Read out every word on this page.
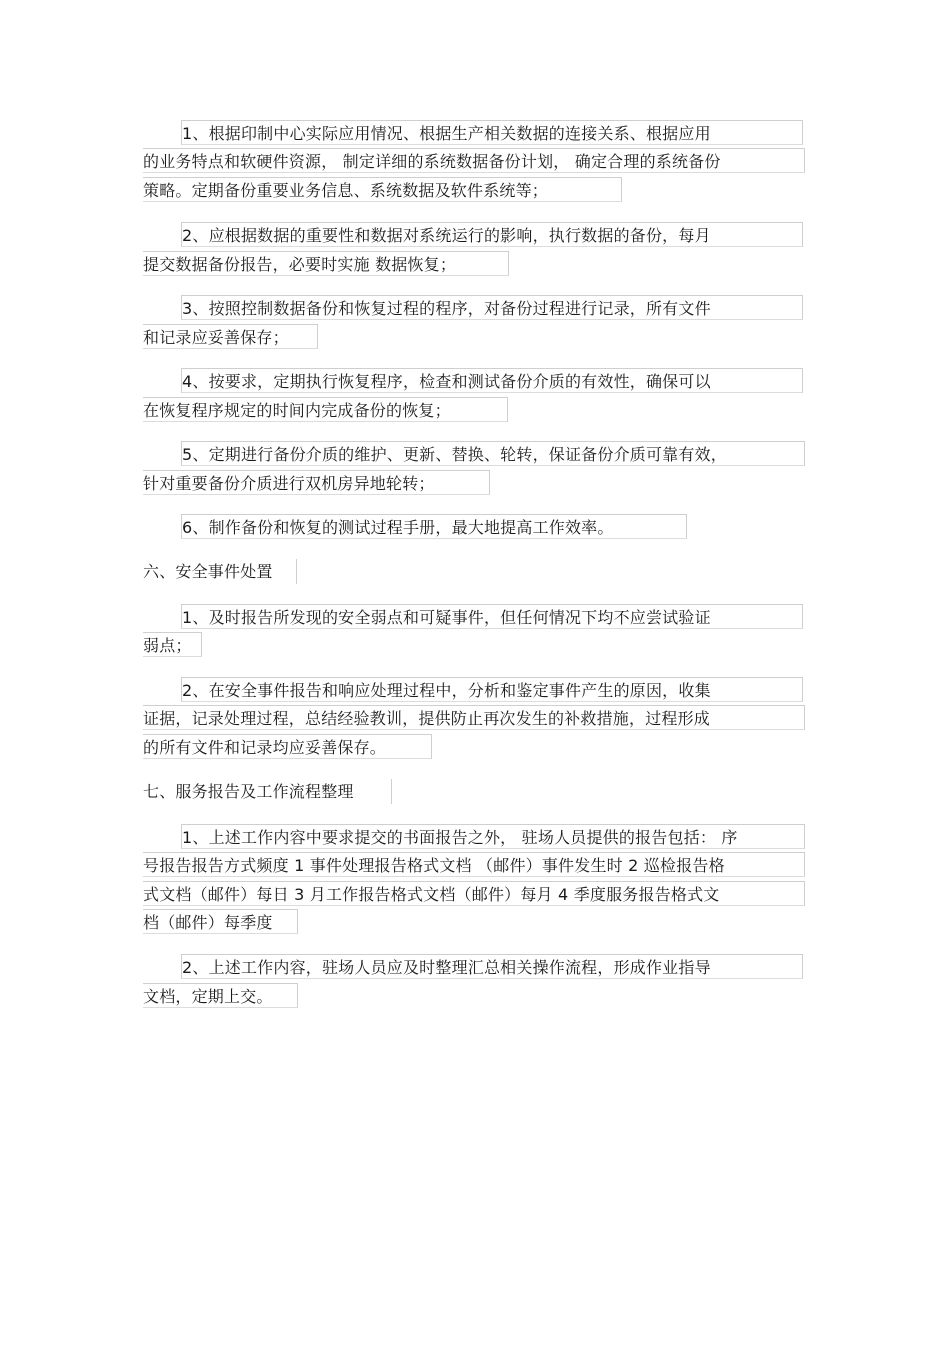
1、根据印制中心实际应用情况、根据生产相关数据的连接关系、根据应用
的业务特点和软硬件资源， 制定详细的系统数据备份计划， 确定合理的系统备份
策略。定期备份重要业务信息、系统数据及软件系统等；
2、应根据数据的重要性和数据对系统运行的影响，执行数据的备份，每月
提交数据备份报告，必要时实施 数据恢复；
3、按照控制数据备份和恢复过程的程序，对备份过程进行记录，所有文件
和记录应妥善保存；
4、按要求，定期执行恢复程序，检查和测试备份介质的有效性，确保可以
在恢复程序规定的时间内完成备份的恢复；
5、定期进行备份介质的维护、更新、替换、轮转，保证备份介质可靠有效，
针对重要备份介质进行双机房异地轮转；
6、制作备份和恢复的测试过程手册，最大地提高工作效率。
六、安全事件处置
1、及时报告所发现的安全弱点和可疑事件，但任何情况下均不应尝试验证
弱点；
2、在安全事件报告和响应处理过程中，分析和鉴定事件产生的原因，收集
证据，记录处理过程，总结经验教训，提供防止再次发生的补救措施，过程形成
的所有文件和记录均应妥善保存。
七、服务报告及工作流程整理
1、上述工作内容中要求提交的书面报告之外， 驻场人员提供的报告包括： 序
号报告报告方式频度 1 事件处理报告格式文档 （邮件）事件发生时 2 巡检报告格
式文档（邮件）每日 3 月工作报告格式文档（邮件）每月 4 季度服务报告格式文
档（邮件）每季度
2、上述工作内容，驻场人员应及时整理汇总相关操作流程，形成作业指导
文档，定期上交。
